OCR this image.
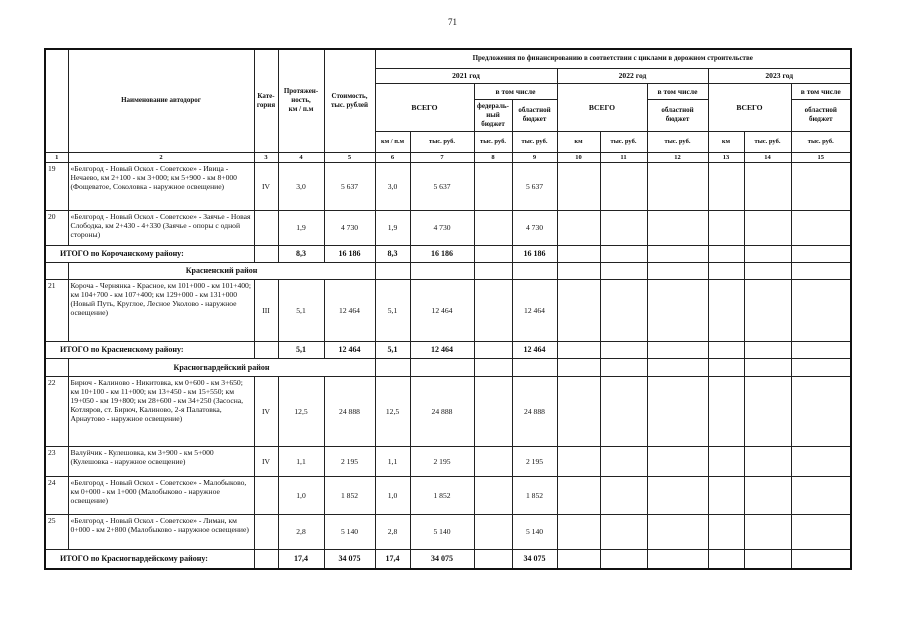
71
	Наименование автодорог	Кате-
гория	Протяжен-
ность,
км / п.м	Стоимость,
тыс. рублей	Предложения по финансированию в соответствии с циклами в дорожном строительстве									
					2021 год				2022 год			2023 год		
					ВСЕГО		в том числе		ВСЕГО		в том числе	ВСЕГО		в том числе
							федераль-
ный
бюджет	областной
бюджет			областной
бюджет			областной
бюджет
					км / п.м	тыс. руб.	тыс. руб.	тыс. руб.	км	тыс. руб.	тыс. руб.	км	тыс. руб.	тыс. руб.
1	2	3	4	5	6	7	8	9	10	11	12	13	14	15
19	«Белгород - Новый Оскол - Советское» - Ивица - Нечаево, км 2+100 - км 3+000; км 5+900 - км 8+000 (Фощеватое, Соколовка - наружное освещение)	IV	3,0	5 637	3,0	5 637		5 637						
20	«Белгород - Новый Оскол - Советское» - Заячье - Новая Слободка, км 2+430 - 4+330 (Заячье - опоры с одной стороны)		1,9	4 730	1,9	4 730		4 730						
ИТОГО по Корочанскому району:			8,3	16 186	8,3	16 186		16 186						
	Красненский район													
21	Короча - Чернянка - Красное, км 101+000 - км 101+400; км 104+700 - км 107+400; км 129+000 - км 131+000 (Новый Путь, Круглое, Лесное Уколово - наружное освещение)	III	5,1	12 464	5,1	12 464		12 464						
ИТОГО по Красненскому району:			5,1	12 464	5,1	12 464		12 464						
	Красногвардейский район													
22	Бирюч - Калиново - Никитовка, км 0+600 - км 3+650; км 10+100 - км 11+000; км 13+450 - км 15+550; км 19+050 - км 19+800; км 28+600 - км 34+250 (Засосна, Котляров, ст. Бирюч, Калиново, 2-я Палатовка, Арнаутово - наружное освещение)	IV	12,5	24 888	12,5	24 888		24 888						
23	Валуйчик - Кулешовка, км 3+900 - км 5+000 (Кулешовка - наружное освещение)	IV	1,1	2 195	1,1	2 195		2 195						
24	«Белгород - Новый Оскол - Советское» - Малобыково, км 0+000 - км 1+000 (Малобыково - наружное освещение)		1,0	1 852	1,0	1 852		1 852						
25	«Белгород - Новый Оскол - Советское» - Лиман, км 0+000 - км 2+800 (Малобыково - наружное освещение)		2,8	5 140	2,8	5 140		5 140						
ИТОГО по Красногвардейскому району:			17,4	34 075	17,4	34 075		34 075						
